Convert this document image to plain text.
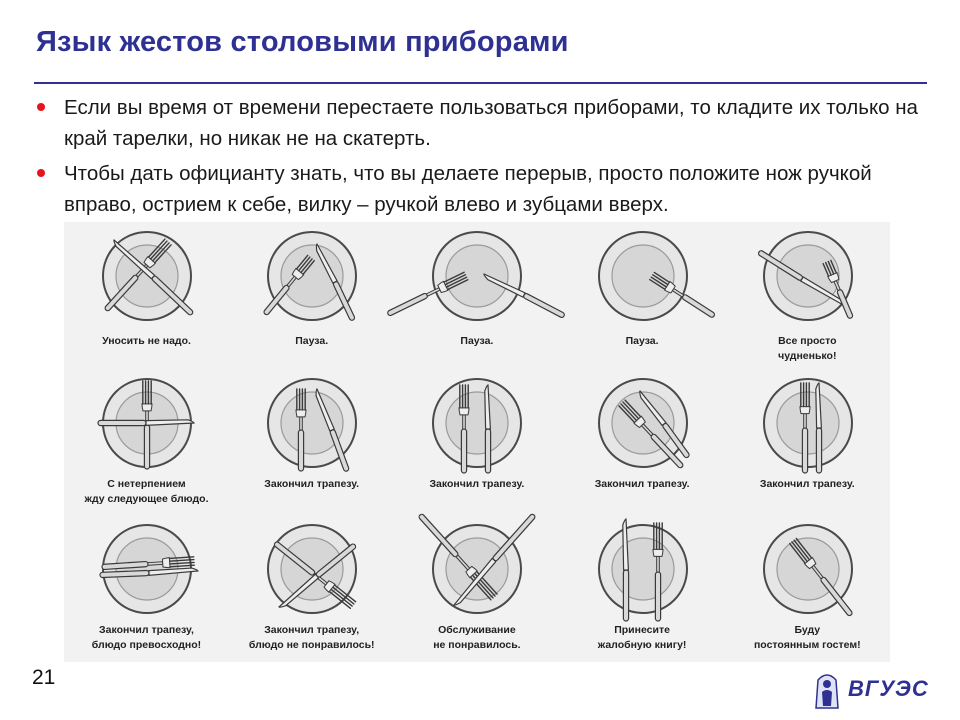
Язык жестов столовыми приборами
Если вы время от времени перестаете пользоваться приборами, то кладите их только на край тарелки, но никак не на скатерть.
Чтобы дать официанту знать, что вы делаете перерыв, просто положите нож ручкой вправо, острием к себе, вилку – ручкой влево и зубцами вверх.
Уносить не надо.	Пауза.	Пауза.	Пауза.	Все просто
чудненько!
С нетерпением
жду следующее блюдо.
Закончил трапезу.	Закончил трапезу.	Закончил трапезу.	Закончил трапезу.
Закончил трапезу,
блюдо превосходно!
Закончил трапезу,
блюдо не понравилось!
Обслуживание
не понравилось.
Принесите
жалобную книгу!
Буду
постоянным гостем!
21	ВГУЭС
